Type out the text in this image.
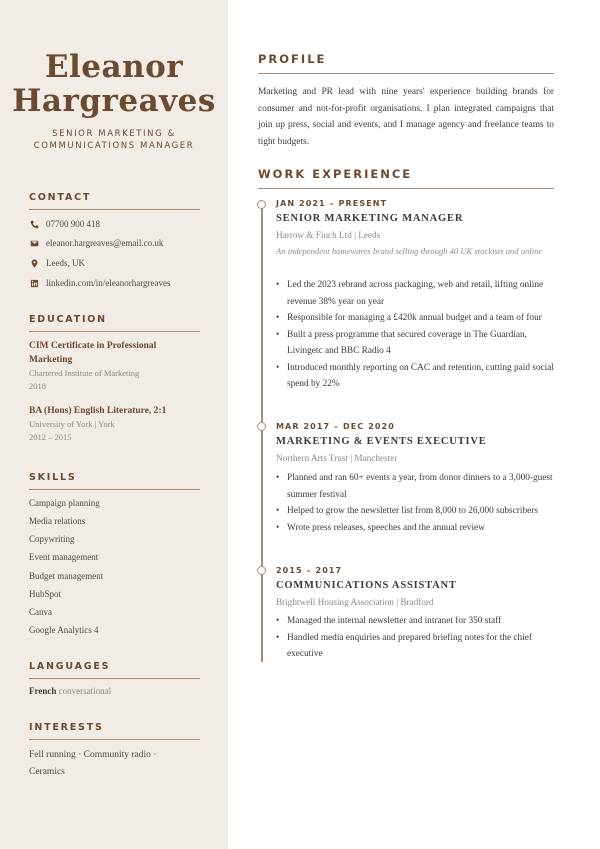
Eleanor
Hargreaves
SENIOR MARKETING &
COMMUNICATIONS MANAGER
CONTACT
07700 900 418
eleanor.hargreaves@email.co.uk
Leeds, UK
linkedin.com/in/eleanorhargreaves
EDUCATION
CIM Certificate in Professional
Marketing
Chartered Institute of Marketing
2018
BA (Hons) English Literature, 2:1
University of York | York
2012 – 2015
SKILLS
Campaign planning
Media relations
Copywriting
Event management
Budget management
HubSpot
Canva
Google Analytics 4
LANGUAGES
French conversational
INTERESTS
Fell running · Community radio ·
Ceramics
PROFILE
Marketing and PR lead with nine years' experience building brands for consumer and not-for-profit organisations. I plan integrated campaigns that join up press, social and events, and I manage agency and freelance teams to tight budgets.
WORK EXPERIENCE
JAN 2021 – PRESENT
SENIOR MARKETING MANAGER
Harrow & Finch Ltd | Leeds
An independent homewares brand selling through 40 UK stockists and online
• Led the 2023 rebrand across packaging, web and retail, lifting online revenue 38% year on year
• Responsible for managing a £420k annual budget and a team of four
• Built a press programme that secured coverage in The Guardian, Livingetc and BBC Radio 4
• Introduced monthly reporting on CAC and retention, cutting paid social spend by 22%
MAR 2017 – DEC 2020
MARKETING & EVENTS EXECUTIVE
Northern Arts Trust | Manchester
• Planned and ran 60+ events a year, from donor dinners to a 3,000-guest summer festival
• Helped to grow the newsletter list from 8,000 to 26,000 subscribers
• Wrote press releases, speeches and the annual review
2015 – 2017
COMMUNICATIONS ASSISTANT
Brightwell Housing Association | Bradford
• Managed the internal newsletter and intranet for 350 staff
• Handled media enquiries and prepared briefing notes for the chief executive
